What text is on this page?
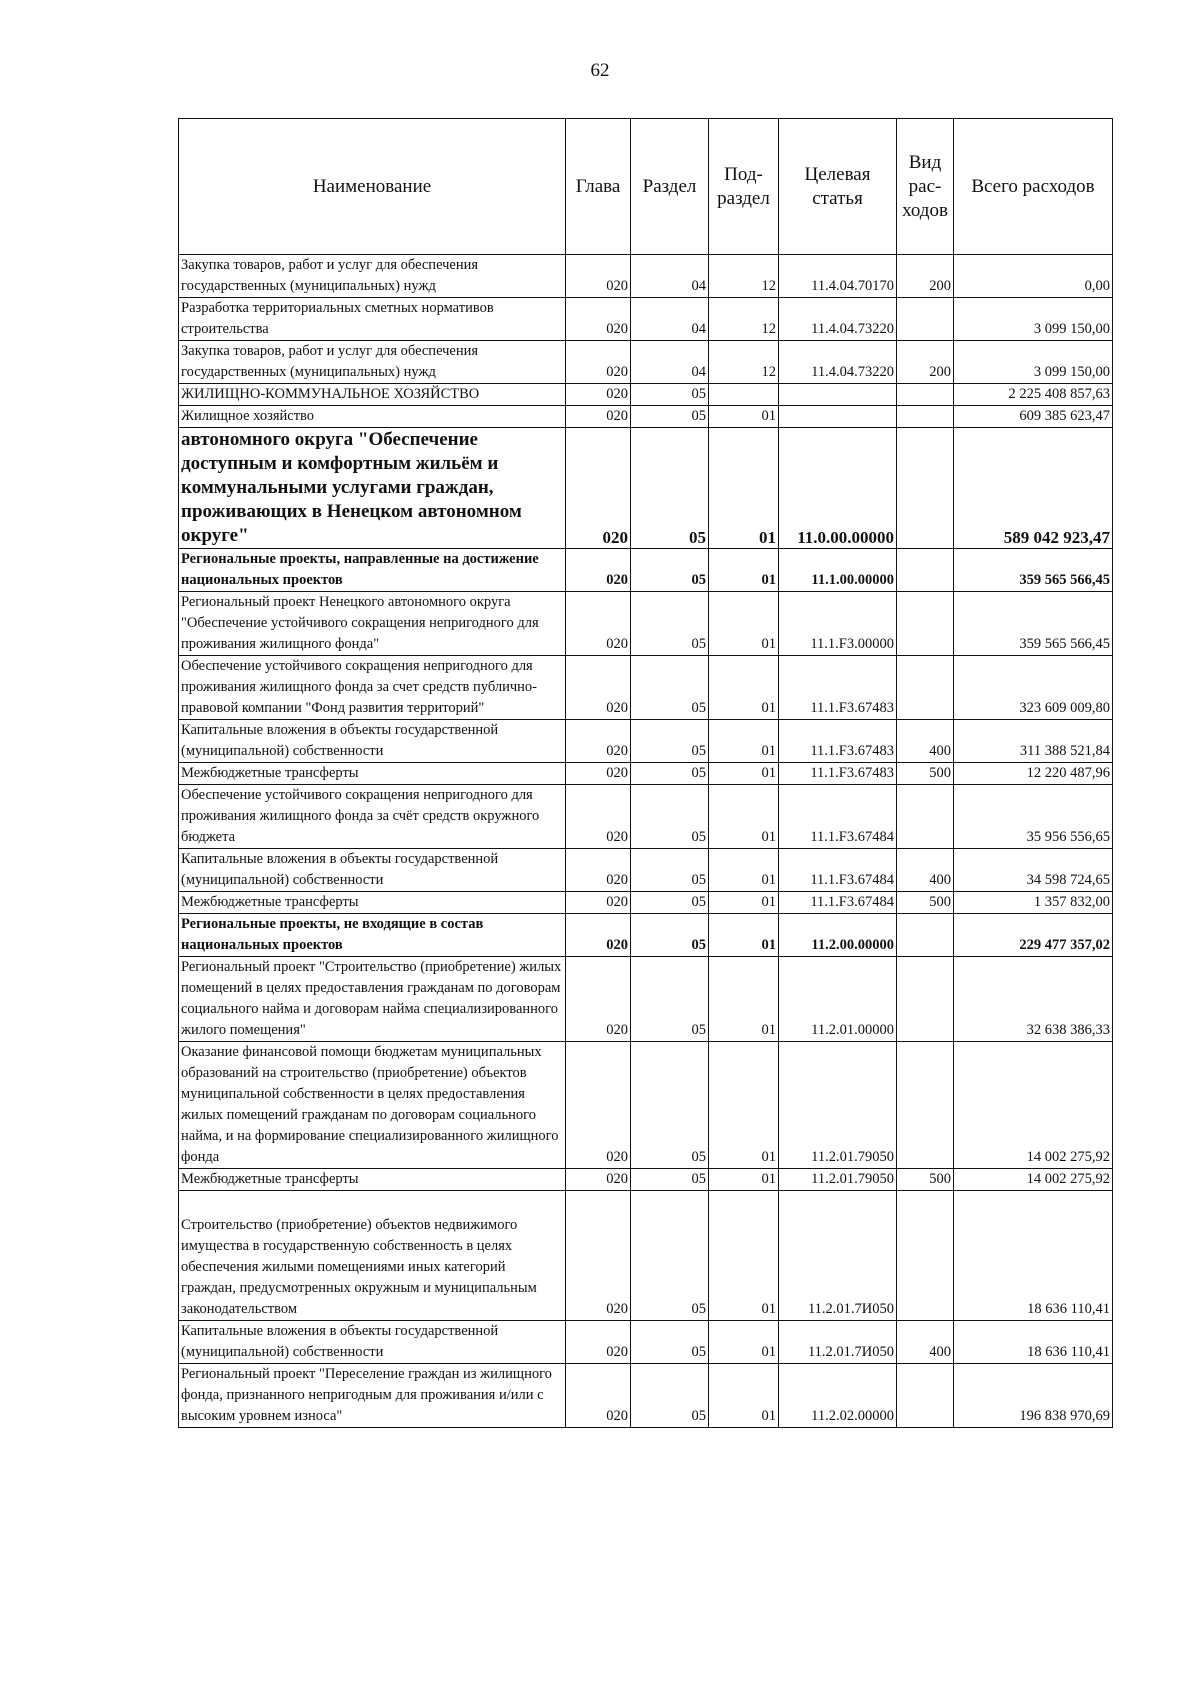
62
Наименование	Глава	Раздел	Под-раздел	Целевая статья	Вид рас-ходов	Всего расходов
Закупка товаров, работ и услуг для обеспечения государственных (муниципальных) нужд	020	04	12	11.4.04.70170	200	0,00
Разработка территориальных сметных нормативов строительства	020	04	12	11.4.04.73220		3 099 150,00
Закупка товаров, работ и услуг для обеспечения государственных (муниципальных) нужд	020	04	12	11.4.04.73220	200	3 099 150,00
ЖИЛИЩНО-КОММУНАЛЬНОЕ ХОЗЯЙСТВО	020	05				2 225 408 857,63
Жилищное хозяйство	020	05	01			609 385 623,47
автономного округа "Обеспечение доступным и комфортным жильём и коммунальными услугами граждан, проживающих в Ненецком автономном округе"	020	05	01	11.0.00.00000		589 042 923,47
Региональные проекты, направленные на достижение национальных проектов	020	05	01	11.1.00.00000		359 565 566,45
Региональный проект Ненецкого автономного округа "Обеспечение устойчивого сокращения непригодного для проживания жилищного фонда"	020	05	01	11.1.F3.00000		359 565 566,45
Обеспечение устойчивого сокращения непригодного для проживания жилищного фонда за счет средств публично-правовой компании "Фонд развития территорий"	020	05	01	11.1.F3.67483		323 609 009,80
Капитальные вложения в объекты государственной (муниципальной) собственности	020	05	01	11.1.F3.67483	400	311 388 521,84
Межбюджетные трансферты	020	05	01	11.1.F3.67483	500	12 220 487,96
Обеспечение устойчивого сокращения непригодного для проживания жилищного фонда за счёт средств окружного бюджета	020	05	01	11.1.F3.67484		35 956 556,65
Капитальные вложения в объекты государственной (муниципальной) собственности	020	05	01	11.1.F3.67484	400	34 598 724,65
Межбюджетные трансферты	020	05	01	11.1.F3.67484	500	1 357 832,00
Региональные проекты, не входящие в состав национальных проектов	020	05	01	11.2.00.00000		229 477 357,02
Региональный проект "Строительство (приобретение) жилых помещений в целях предоставления гражданам по договорам социального найма и договорам найма специализированного жилого помещения"	020	05	01	11.2.01.00000		32 638 386,33
Оказание финансовой помощи бюджетам муниципальных образований на строительство (приобретение) объектов муниципальной собственности в целях предоставления жилых помещений гражданам по договорам социального найма, и на формирование специализированного жилищного фонда	020	05	01	11.2.01.79050		14 002 275,92
Межбюджетные трансферты	020	05	01	11.2.01.79050	500	14 002 275,92
Строительство (приобретение) объектов недвижимого имущества в государственную собственность в целях обеспечения жилыми помещениями иных категорий граждан, предусмотренных окружным и муниципальным законодательством	020	05	01	11.2.01.7И050		18 636 110,41
Капитальные вложения в объекты государственной (муниципальной) собственности	020	05	01	11.2.01.7И050	400	18 636 110,41
Региональный проект "Переселение граждан из жилищного фонда, признанного непригодным для проживания и/или с высоким уровнем износа"	020	05	01	11.2.02.00000		196 838 970,69
